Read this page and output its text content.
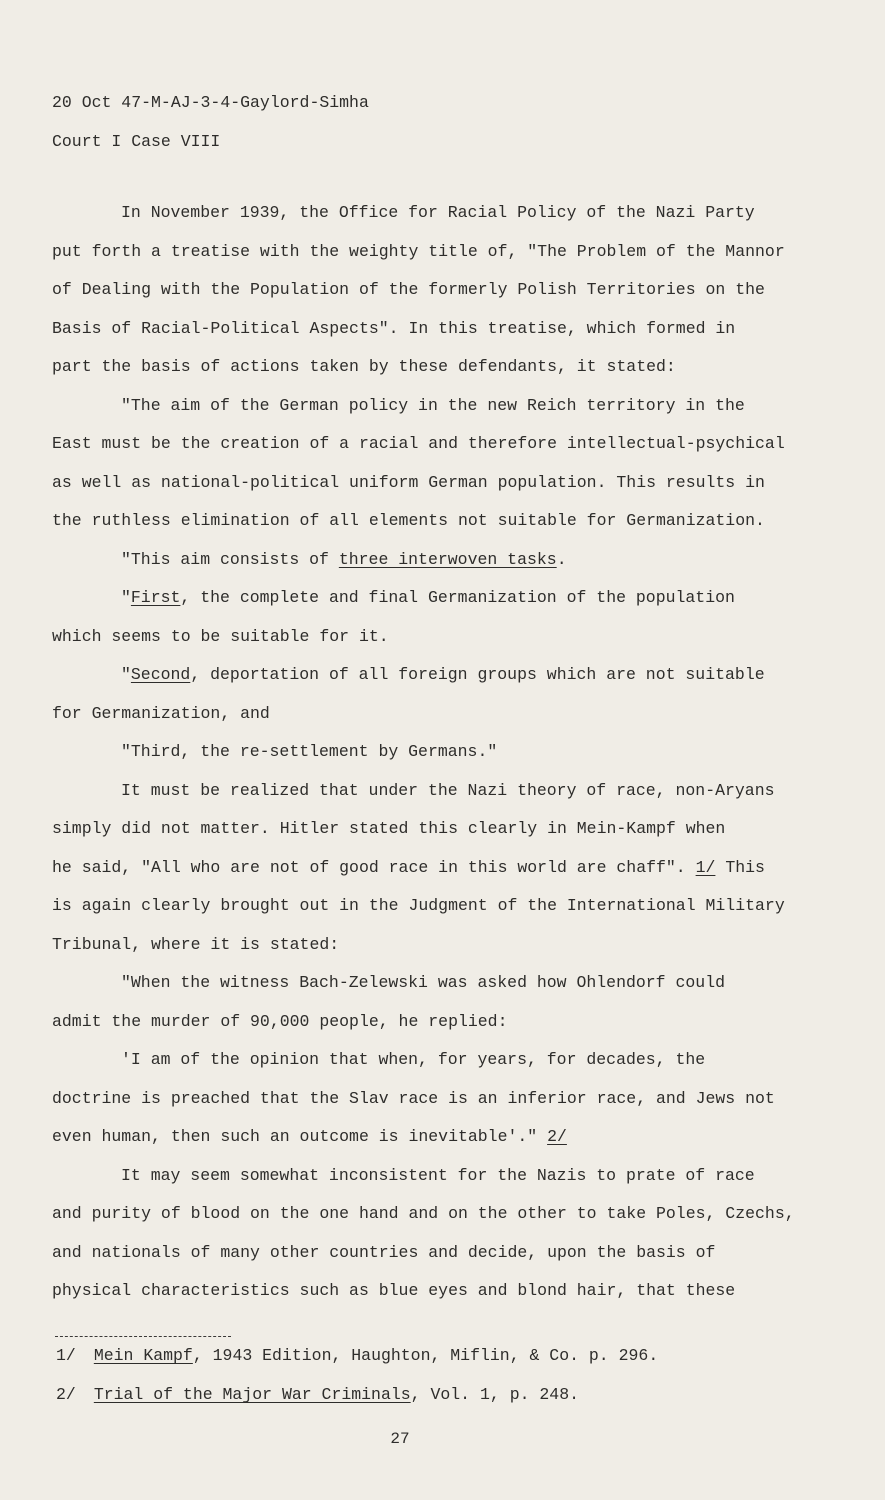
20 Oct 47-M-AJ-3-4-Gaylord-Simha
Court I Case VIII
In November 1939, the Office for Racial Policy of the Nazi Party
put forth a treatise with the weighty title of, "The Problem of the Mannor
of Dealing with the Population of the formerly Polish Territories on the
Basis of Racial-Political Aspects". In this treatise, which formed in
part the basis of actions taken by these defendants, it stated:
"The aim of the German policy in the new Reich territory in the
East must be the creation of a racial and therefore intellectual-psychical
as well as national-political uniform German population. This results in
the ruthless elimination of all elements not suitable for Germanization.
"This aim consists of three interwoven tasks.
"First, the complete and final Germanization of the population
which seems to be suitable for it.
"Second, deportation of all foreign groups which are not suitable
for Germanization, and
"Third, the re-settlement by Germans."
It must be realized that under the Nazi theory of race, non-Aryans
simply did not matter. Hitler stated this clearly in Mein-Kampf when
he said, "All who are not of good race in this world are chaff". 1/ This
is again clearly brought out in the Judgment of the International Military
Tribunal, where it is stated:
"When the witness Bach-Zelewski was asked how Ohlendorf could
admit the murder of 90,000 people, he replied:
'I am of the opinion that when, for years, for decades, the
doctrine is preached that the Slav race is an inferior race, and Jews not
even human, then such an outcome is inevitable'." 2/
It may seem somewhat inconsistent for the Nazis to prate of race
and purity of blood on the one hand and on the other to take Poles, Czechs,
and nationals of many other countries and decide, upon the basis of
physical characteristics such as blue eyes and blond hair, that these
1/ Mein Kampf, 1943 Edition, Haughton, Miflin, & Co. p. 296.
2/ Trial of the Major War Criminals, Vol. 1, p. 248.
27
